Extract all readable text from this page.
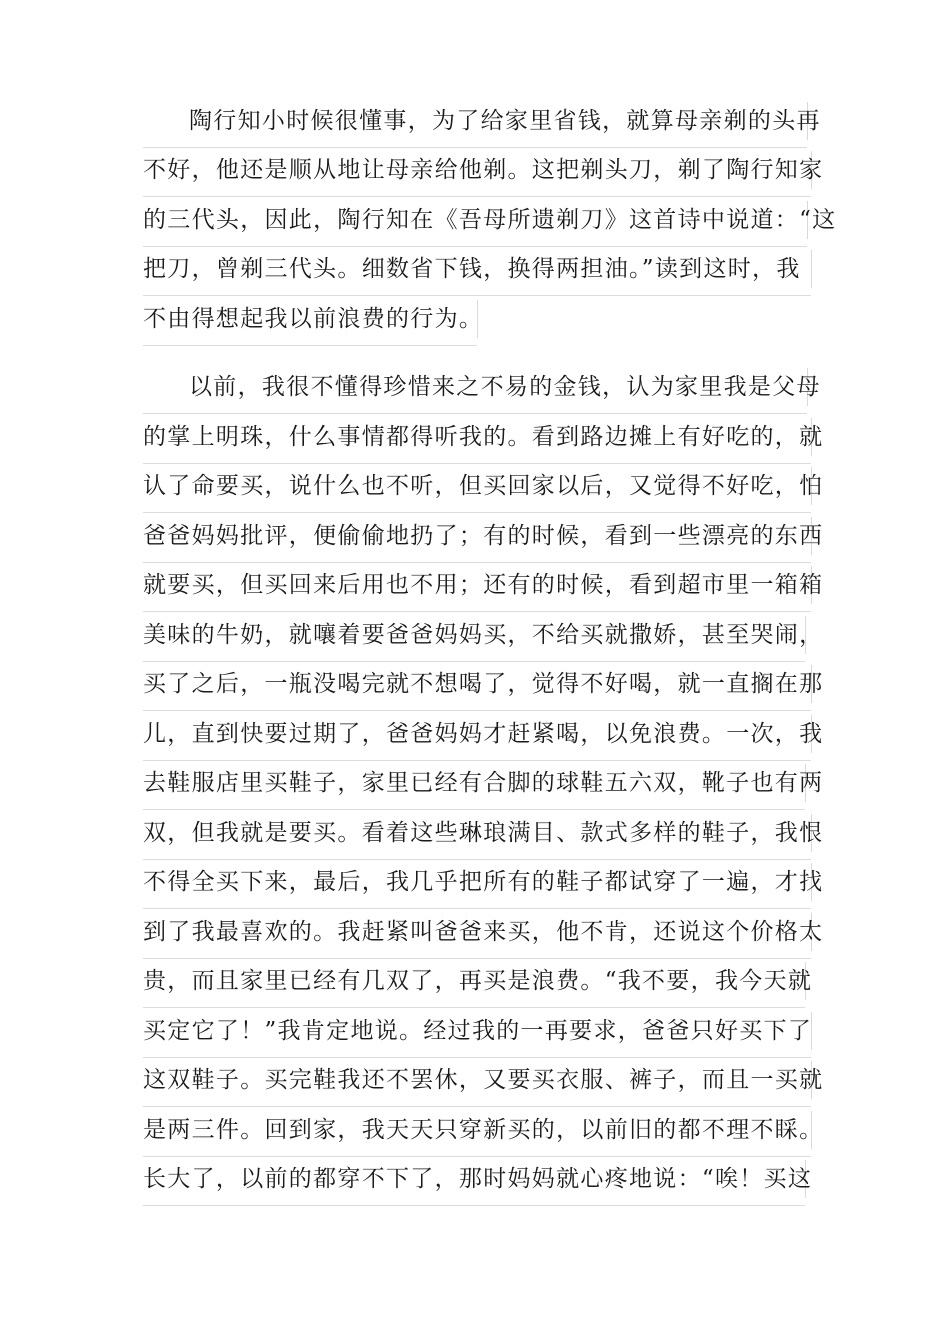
陶行知小时候很懂事，为了给家里省钱，就算母亲剃的头再
不好，他还是顺从地让母亲给他剃。这把剃头刀，剃了陶行知家
的三代头，因此，陶行知在《吾母所遗剃刀》这首诗中说道：“这
把刀，曾剃三代头。细数省下钱，换得两担油。”读到这时，我
不由得想起我以前浪费的行为。
以前，我很不懂得珍惜来之不易的金钱，认为家里我是父母
的掌上明珠，什么事情都得听我的。看到路边摊上有好吃的，就
认了命要买，说什么也不听，但买回家以后，又觉得不好吃，怕
爸爸妈妈批评，便偷偷地扔了；有的时候，看到一些漂亮的东西
就要买，但买回来后用也不用；还有的时候，看到超市里一箱箱
美味的牛奶，就嚷着要爸爸妈妈买，不给买就撒娇，甚至哭闹，
买了之后，一瓶没喝完就不想喝了，觉得不好喝，就一直搁在那
儿，直到快要过期了，爸爸妈妈才赶紧喝，以免浪费。一次，我
去鞋服店里买鞋子，家里已经有合脚的球鞋五六双，靴子也有两
双，但我就是要买。看着这些琳琅满目、款式多样的鞋子，我恨
不得全买下来，最后，我几乎把所有的鞋子都试穿了一遍，才找
到了我最喜欢的。我赶紧叫爸爸来买，他不肯，还说这个价格太
贵，而且家里已经有几双了，再买是浪费。“我不要，我今天就
买定它了！”我肯定地说。经过我的一再要求，爸爸只好买下了
这双鞋子。买完鞋我还不罢休，又要买衣服、裤子，而且一买就
是两三件。回到家，我天天只穿新买的，以前旧的都不理不睬。
长大了，以前的都穿不下了，那时妈妈就心疼地说：“唉！买这
